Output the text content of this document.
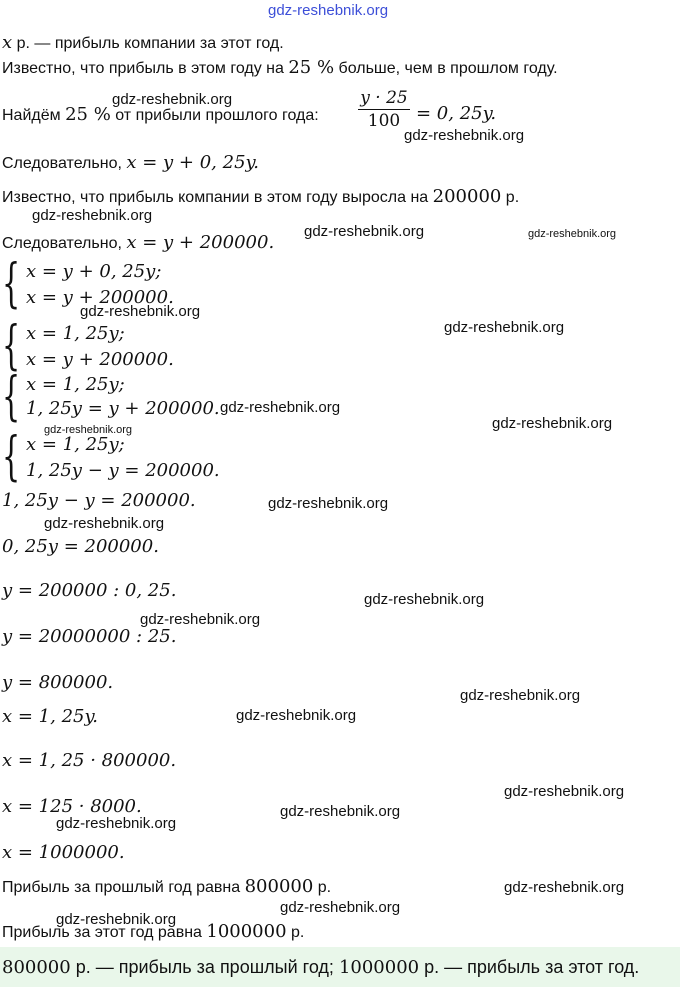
gdz-reshebnik.org
x р. — прибыль компании за этот год.
Известно, что прибыль в этом году на 25 % больше, чем в прошлом году.
Найдём 25 % от прибыли прошлого года: $\frac{y \cdot 25}{100} = 0$, 25y.
Следовательно, x = y + 0, 25y.
Известно, что прибыль компании в этом году выросла на 200000 р.
Следовательно, x = y + 200000.
{ x = y + 0, 25y;
x = y + 200000.
{ x = 1, 25y;
x = y + 200000.
{ x = 1, 25y;
1, 25y = y + 200000.
{ x = 1, 25y;
1, 25y − y = 200000.
1, 25y − y = 200000.
0, 25y = 200000.
y = 200000 : 0, 25.
y = 20000000 : 25.
y = 800000.
x = 1, 25y.
x = 1, 25 · 800000.
x = 125 · 8000.
x = 1000000.
Прибыль за прошлый год равна 800000 р.
Прибыль за этот год равна 1000000 р.
800000 р. — прибыль за прошлый год; 1000000 р. — прибыль за этот год.
gdz-reshebnik.org
gdz-reshebnik.org
gdz-reshebnik.org
gdz-reshebnik.org	gdz-reshebnik.org
gdz-reshebnik.org
gdz-reshebnik.org
gdz-reshebnik.org
gdz-reshebnik.org
gdz-reshebnik.org
gdz-reshebnik.org
gdz-reshebnik.org
gdz-reshebnik.org
gdz-reshebnik.org
gdz-reshebnik.org
gdz-reshebnik.org
gdz-reshebnik.org
gdz-reshebnik.org
gdz-reshebnik.org
gdz-reshebnik.org
gdz-reshebnik.org
gdz-reshebnik.org
